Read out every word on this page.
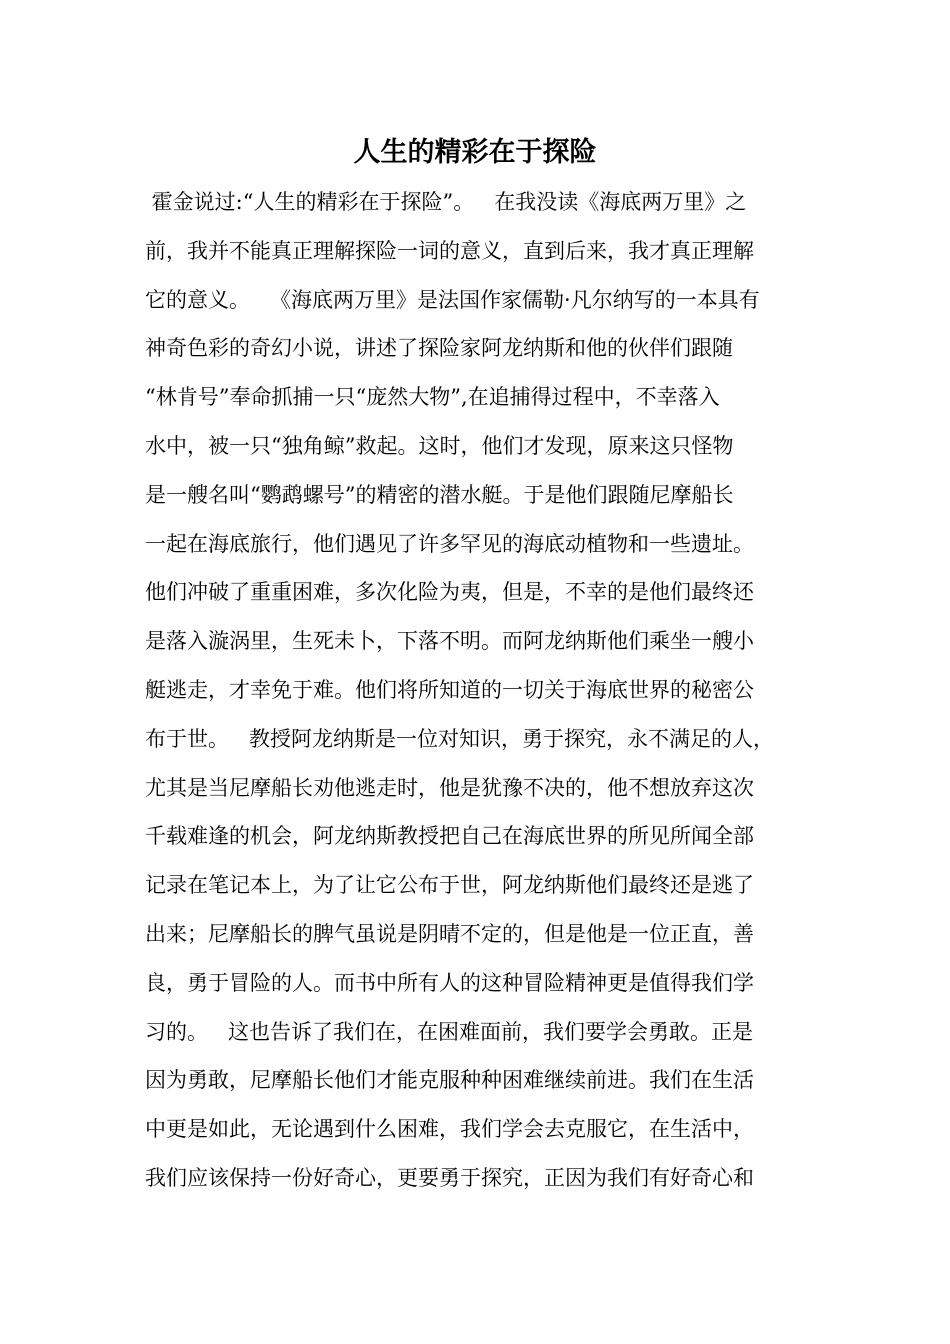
人生的精彩在于探险
霍金说过:“人生的精彩在于探险”。   在我没读《海底两万里》之
前，我并不能真正理解探险一词的意义，直到后来，我才真正理解
它的意义。   《海底两万里》是法国作家儒勒·凡尔纳写的一本具有
神奇色彩的奇幻小说，讲述了探险家阿龙纳斯和他的伙伴们跟随
“林肯号”奉命抓捕一只“庞然大物”,在追捕得过程中，不幸落入
水中，被一只“独角鲸”救起。这时，他们才发现，原来这只怪物
是一艘名叫“鹦鹉螺号”的精密的潜水艇。于是他们跟随尼摩船长
一起在海底旅行，他们遇见了许多罕见的海底动植物和一些遗址。
他们冲破了重重困难，多次化险为夷，但是，不幸的是他们最终还
是落入漩涡里，生死未卜，下落不明。而阿龙纳斯他们乘坐一艘小
艇逃走，才幸免于难。他们将所知道的一切关于海底世界的秘密公
布于世。   教授阿龙纳斯是一位对知识，勇于探究，永不满足的人，
尤其是当尼摩船长劝他逃走时，他是犹豫不决的，他不想放弃这次
千载难逢的机会，阿龙纳斯教授把自己在海底世界的所见所闻全部
记录在笔记本上，为了让它公布于世，阿龙纳斯他们最终还是逃了
出来；尼摩船长的脾气虽说是阴晴不定的，但是他是一位正直，善
良，勇于冒险的人。而书中所有人的这种冒险精神更是值得我们学
习的。   这也告诉了我们在，在困难面前，我们要学会勇敢。正是
因为勇敢，尼摩船长他们才能克服种种困难继续前进。我们在生活
中更是如此，无论遇到什么困难，我们学会去克服它，在生活中，
我们应该保持一份好奇心，更要勇于探究，正因为我们有好奇心和
